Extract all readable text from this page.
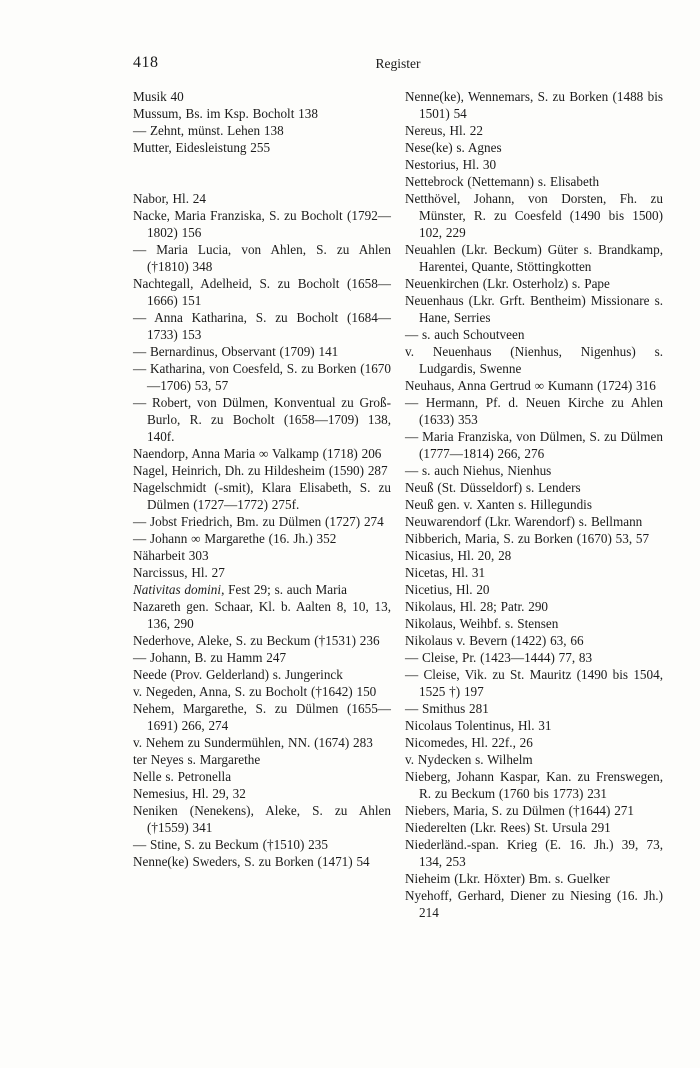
418	Register

Musik 40

Mussum, Bs. im Ksp. Bocholt 138

— Zehnt, münst. Lehen 138

Mutter, Eidesleistung 255

Nabor, Hl. 24

Nacke, Maria Franziska, S. zu Bocholt (1792—1802) 156

— Maria Lucia, von Ahlen, S. zu Ahlen (†1810) 348

Nachtegall, Adelheid, S. zu Bocholt (1658—1666) 151

— Anna Katharina, S. zu Bocholt (1684—1733) 153

— Bernardinus, Observant (1709) 141

— Katharina, von Coesfeld, S. zu Borken (1670—1706) 53, 57

— Robert, von Dülmen, Konventual zu Groß-Burlo, R. zu Bocholt (1658—1709) 138, 140f.

Naendorp, Anna Maria ∞ Valkamp (1718) 206

Nagel, Heinrich, Dh. zu Hildesheim (1590) 287

Nagelschmidt (-smit), Klara Elisabeth, S. zu Dülmen (1727—1772) 275f.

— Jobst Friedrich, Bm. zu Dülmen (1727) 274

— Johann ∞ Margarethe (16. Jh.) 352

Näharbeit 303

Narcissus, Hl. 27

Nativitas domini, Fest 29; s. auch Maria

Nazareth gen. Schaar, Kl. b. Aalten 8, 10, 13, 136, 290

Nederhove, Aleke, S. zu Beckum (†1531) 236

— Johann, B. zu Hamm 247

Neede (Prov. Gelderland) s. Jungerinck

v. Negeden, Anna, S. zu Bocholt (†1642) 150

Nehem, Margarethe, S. zu Dülmen (1655—1691) 266, 274

v. Nehem zu Sundermühlen, NN. (1674) 283

ter Neyes s. Margarethe

Nelle s. Petronella

Nemesius, Hl. 29, 32

Neniken (Nenekens), Aleke, S. zu Ahlen (†1559) 341

— Stine, S. zu Beckum (†1510) 235

Nenne(ke) Sweders, S. zu Borken (1471) 54

Nenne(ke), Wennemars, S. zu Borken (1488 bis 1501) 54

Nereus, Hl. 22

Nese(ke) s. Agnes

Nestorius, Hl. 30

Nettebrock (Nettemann) s. Elisabeth

Netthövel, Johann, von Dorsten, Fh. zu Münster, R. zu Coesfeld (1490 bis 1500) 102, 229

Neuahlen (Lkr. Beckum) Güter s. Brandkamp, Harentei, Quante, Stöttingkotten

Neuenkirchen (Lkr. Osterholz) s. Pape

Neuenhaus (Lkr. Grft. Bentheim) Missionare s. Hane, Serries

— s. auch Schoutveen

v. Neuenhaus (Nienhus, Nigenhus) s. Ludgardis, Swenne

Neuhaus, Anna Gertrud ∞ Kumann (1724) 316

— Hermann, Pf. d. Neuen Kirche zu Ahlen (1633) 353

— Maria Franziska, von Dülmen, S. zu Dülmen (1777—1814) 266, 276

— s. auch Niehus, Nienhus

Neuß (St. Düsseldorf) s. Lenders

Neuß gen. v. Xanten s. Hillegundis

Neuwarendorf (Lkr. Warendorf) s. Bellmann

Nibberich, Maria, S. zu Borken (1670) 53, 57

Nicasius, Hl. 20, 28

Nicetas, Hl. 31

Nicetius, Hl. 20

Nikolaus, Hl. 28; Patr. 290

Nikolaus, Weihbf. s. Stensen

Nikolaus v. Bevern (1422) 63, 66

— Cleise, Pr. (1423—1444) 77, 83

— Cleise, Vik. zu St. Mauritz (1490 bis 1504, 1525 †) 197

— Smithus 281

Nicolaus Tolentinus, Hl. 31

Nicomedes, Hl. 22f., 26

v. Nydecken s. Wilhelm

Nieberg, Johann Kaspar, Kan. zu Frenswegen, R. zu Beckum (1760 bis 1773) 231

Niebers, Maria, S. zu Dülmen (†1644) 271

Niederelten (Lkr. Rees) St. Ursula 291

Niederländ.-span. Krieg (E. 16. Jh.) 39, 73, 134, 253

Nieheim (Lkr. Höxter) Bm. s. Guelker

Nyehoff, Gerhard, Diener zu Niesing (16. Jh.) 214
